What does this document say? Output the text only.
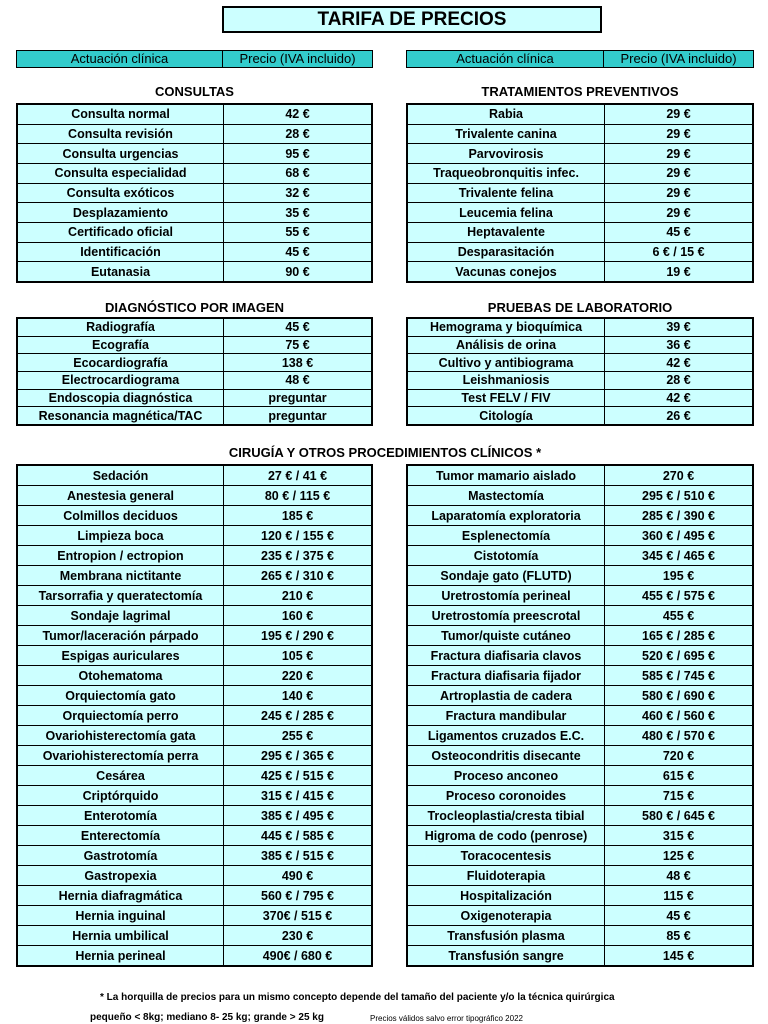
TARIFA DE PRECIOS
Actuación clínica	Precio (IVA incluido)	Actuación clínica	Precio (IVA incluido)
CONSULTAS	TRATAMIENTOS PREVENTIVOS
DIAGNÓSTICO POR IMAGEN	PRUEBAS DE LABORATORIO
CIRUGÍA Y OTROS PROCEDIMIENTOS CLÍNICOS *
Consulta normal	42 €
Consulta revisión	28 €
Consulta urgencias	95 €
Consulta especialidad	68 €
Consulta exóticos	32 €
Desplazamiento	35 €
Certificado oficial	55 €
Identificación	45 €
Eutanasia	90 €
Rabia	29 €
Trivalente canina	29 €
Parvovirosis	29 €
Traqueobronquitis infec.	29 €
Trivalente felina	29 €
Leucemia felina	29 €
Heptavalente	45 €
Desparasitación	6 € / 15 €
Vacunas conejos	19 €
Radiografía	45 €
Ecografía	75 €
Ecocardiografía	138 €
Electrocardiograma	48 €
Endoscopia diagnóstica	preguntar
Resonancia magnética/TAC	preguntar
Hemograma y bioquímica	39 €
Análisis de orina	36 €
Cultivo y antibiograma	42 €
Leishmaniosis	28 €
Test FELV / FIV	42 €
Citología	26 €
Sedación	27 € / 41 €
Anestesia general	80 € / 115 €
Colmillos deciduos	185 €
Limpieza boca	120 € / 155 €
Entropion / ectropion	235 € / 375 €
Membrana nictitante	265 € / 310 €
Tarsorrafia y queratectomía	210 €
Sondaje lagrimal	160 €
Tumor/laceración párpado	195 € / 290 €
Espigas auriculares	105 €
Otohematoma	220 €
Orquiectomía gato	140 €
Orquiectomía perro	245 € / 285 €
Ovariohisterectomía gata	255 €
Ovariohisterectomía perra	295 € / 365 €
Cesárea	425 € / 515 €
Criptórquido	315 € / 415 €
Enterotomía	385 € / 495 €
Enterectomía	445 € / 585 €
Gastrotomía	385 € / 515 €
Gastropexia	490 €
Hernia diafragmática	560 € / 795 €
Hernia inguinal	370€ / 515 €
Hernia umbilical	230 €
Hernia perineal	490€ / 680 €
Tumor mamario aislado	270 €
Mastectomía	295 € / 510 €
Laparatomía exploratoria	285 € / 390 €
Esplenectomía	360 € / 495 €
Cistotomía	345 € / 465 €
Sondaje gato (FLUTD)	195 €
Uretrostomía perineal	455 € / 575 €
Uretrostomía preescrotal	455 €
Tumor/quiste cutáneo	165 € / 285 €
Fractura diafisaria clavos	520 € / 695 €
Fractura diafisaria fijador	585 € / 745 €
Artroplastia de cadera	580 € / 690 €
Fractura mandibular	460 € / 560 €
Ligamentos cruzados E.C.	480 € / 570 €
Osteocondritis disecante	720 €
Proceso anconeo	615 €
Proceso coronoides	715 €
Trocleoplastia/cresta tibial	580 € / 645 €
Higroma de codo (penrose)	315 €
Toracocentesis	125 €
Fluidoterapia	48 €
Hospitalización	115 €
Oxigenoterapia	45 €
Transfusión plasma	85 €
Transfusión sangre	145 €
* La horquilla de precios para un mismo concepto depende del tamaño del paciente y/o la técnica quirúrgica
pequeño < 8kg; mediano 8- 25 kg; grande > 25 kg	Precios válidos salvo error tipográfico 2022
